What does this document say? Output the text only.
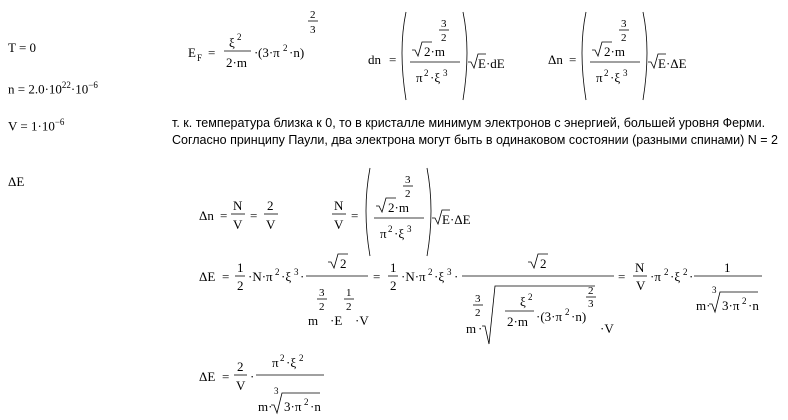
T = 0
$n = 2.0\cdot 10^{22}\cdot 10^{-6}$
$V = 1\cdot 10^{-6}$
ΔE
т. к. температура близка к 0, то в кристалле минимум электронов с энергией, большей уровня Ферми. Согласно принципу Паули, два электрона могут быть в одинаковом состоянии (разными спинами) N = 2
E F =
ξ 2
2·m
· (3·π 2 ·n)
2
3
dn =
3
2
2·m
π 2 ·ξ 3
E·dE	Δn =
3
2
2·m
π 2 ·ξ 3
E·ΔE
Δn =
N
V
=
2
V
N
V
=
3
2
2·m
π 2 ·ξ 3
E·ΔE
ΔE =
1
2
·N·π 2 ·ξ 3 ·
2
3
2
1
2
m ·E ·V
=
1
2
·N·π 2 ·ξ 3 ·
2
3
2
m ·
ξ 2
2·m ·(3·π 2 ·n)
2
3
·V
=
N
V
·π 2 ·ξ 2 ·
1
m·
3
3·π 2 ·n
ΔE =
2
V
·
π 2 ·ξ 2
m·
3
3·π 2 ·n
